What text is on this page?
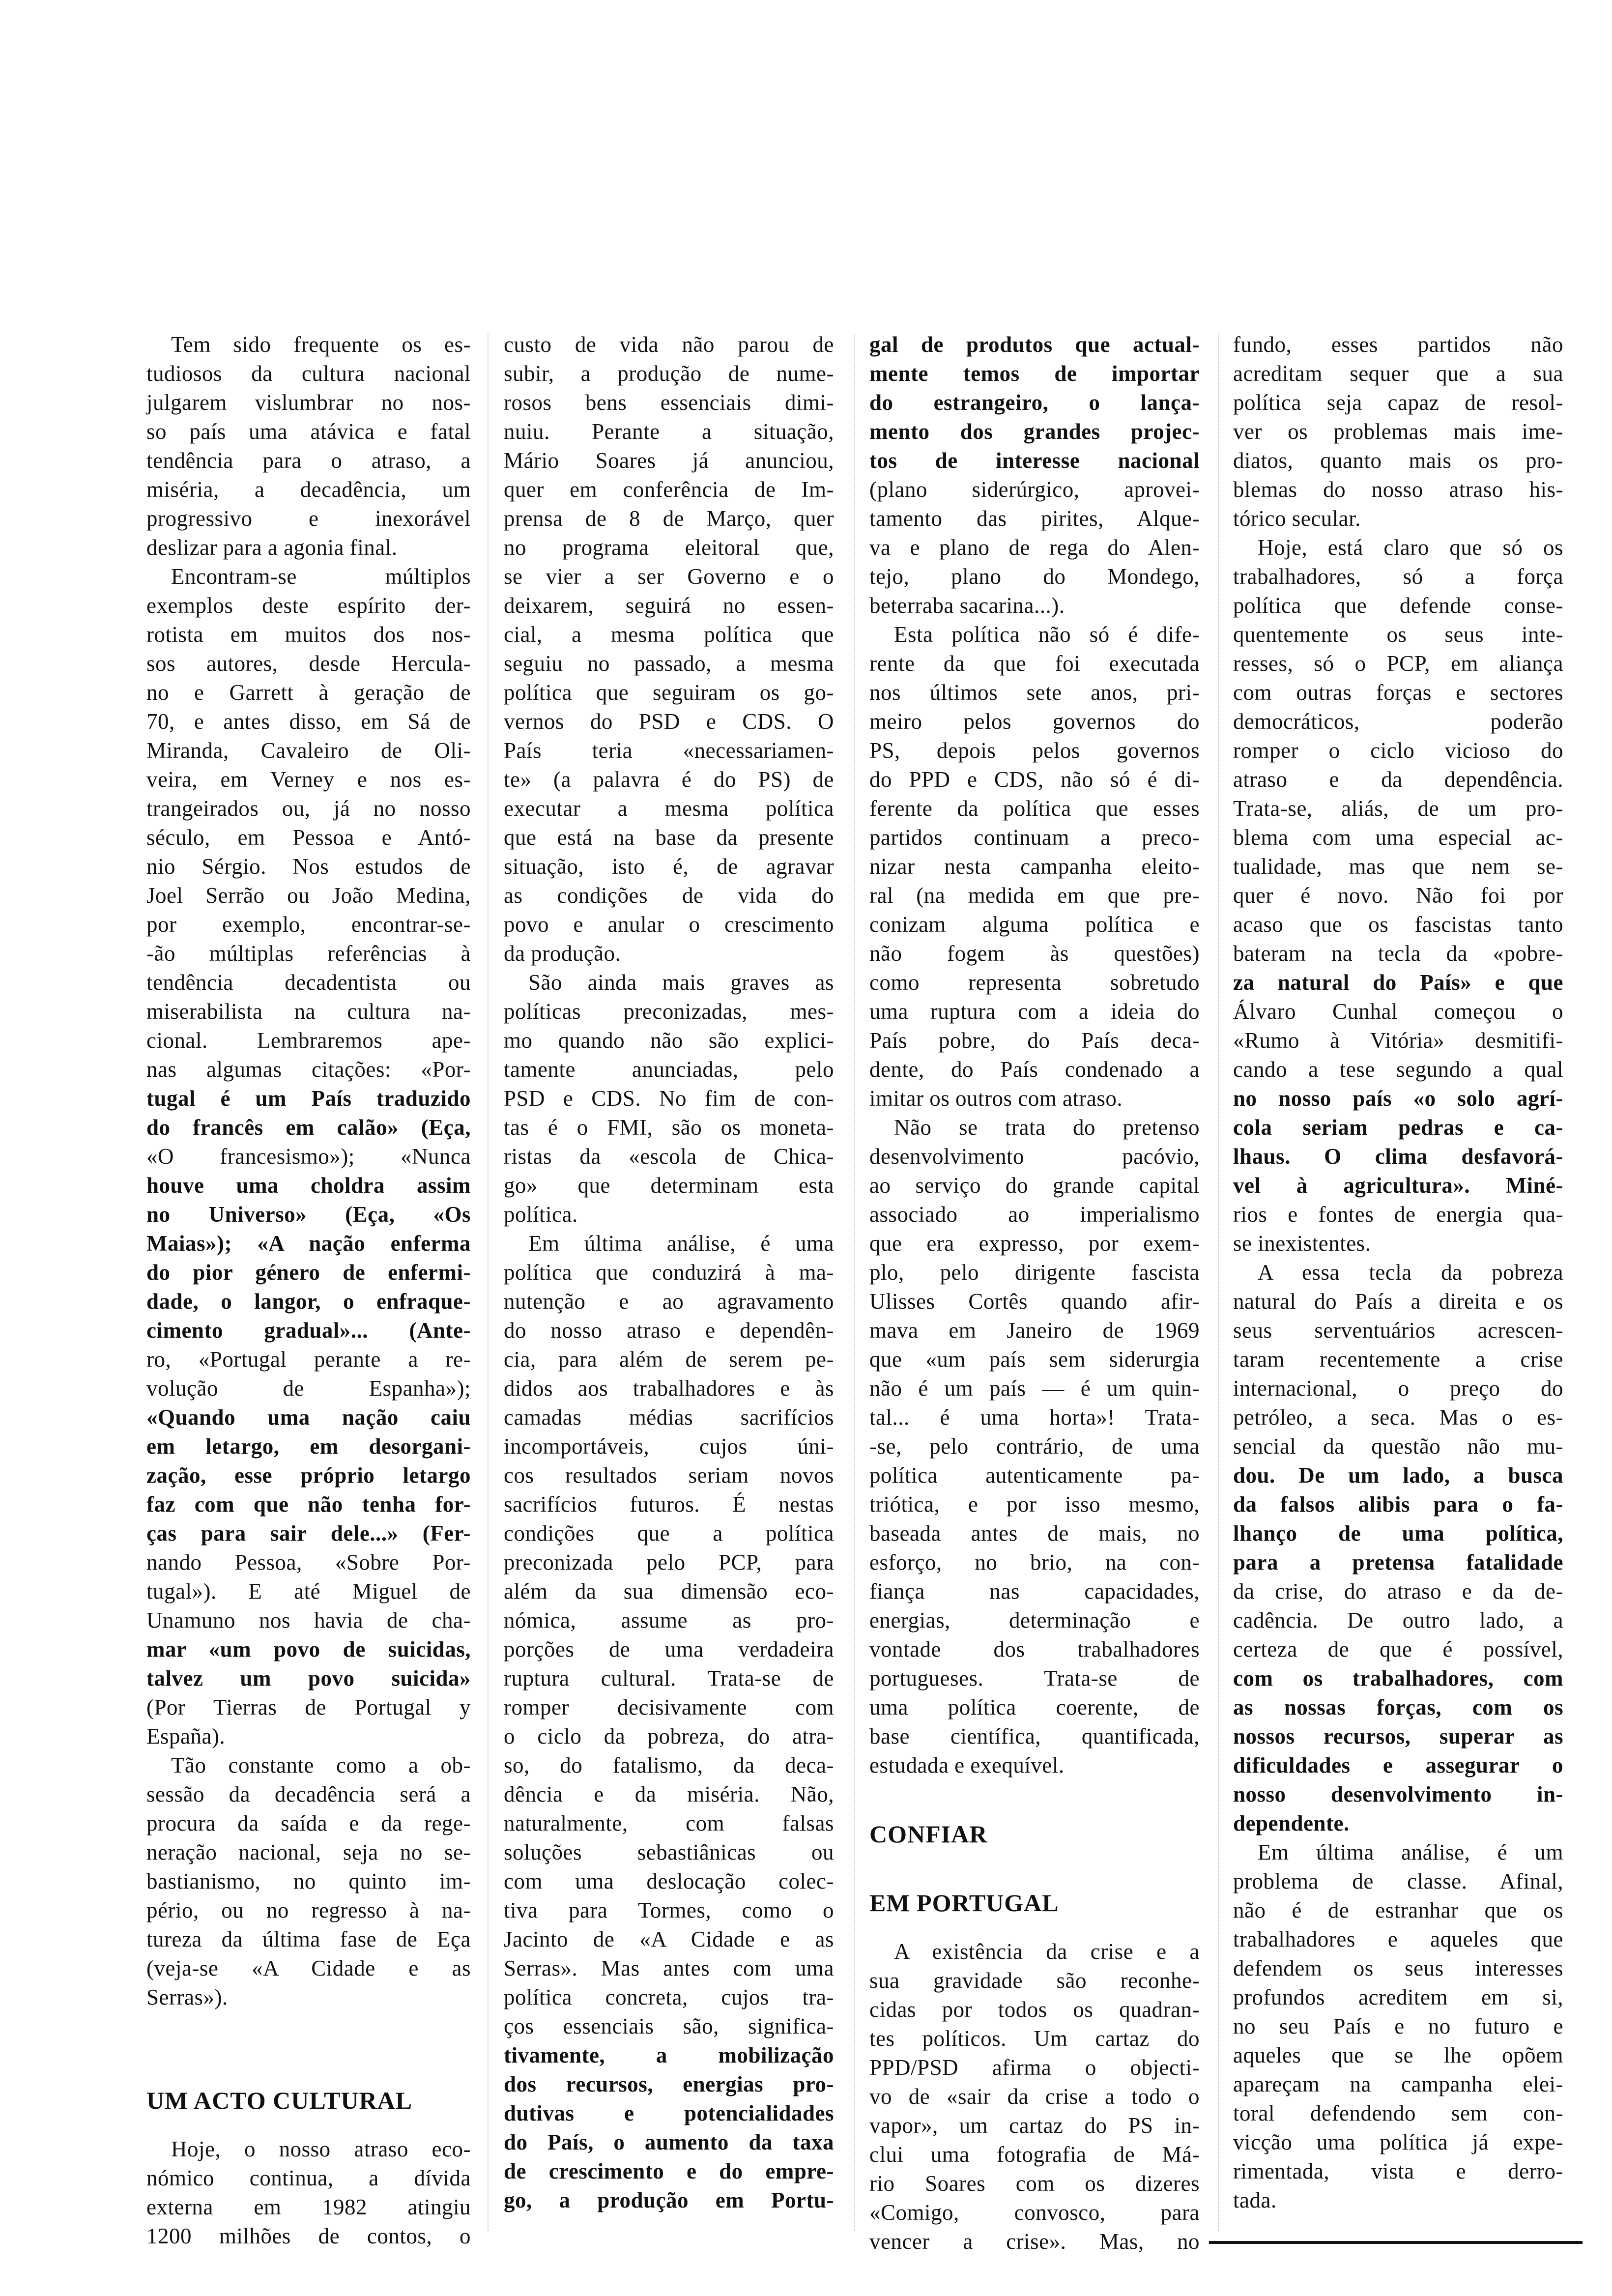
Tem sido frequente os es-
tudiosos da cultura nacional
julgarem vislumbrar no nos-
so país uma atávica e fatal
tendência para o atraso, a
miséria, a decadência, um
progressivo e inexorável
deslizar para a agonia final.
Encontram-se múltiplos
exemplos deste espírito der-
rotista em muitos dos nos-
sos autores, desde Hercula-
no e Garrett à geração de
70, e antes disso, em Sá de
Miranda, Cavaleiro de Oli-
veira, em Verney e nos es-
trangeirados ou, já no nosso
século, em Pessoa e Antó-
nio Sérgio. Nos estudos de
Joel Serrão ou João Medina,
por exemplo, encontrar-se-
-ão múltiplas referências à
tendência decadentista ou
miserabilista na cultura na-
cional. Lembraremos ape-
nas algumas citações: «Por-
tugal é um País traduzido
do francês em calão» (Eça,
«O francesismo»); «Nunca
houve uma choldra assim
no Universo» (Eça, «Os
Maias»); «A nação enferma
do pior género de enfermi-
dade, o langor, o enfraque-
cimento gradual»... (Ante-
ro, «Portugal perante a re-
volução de Espanha»);
«Quando uma nação caiu
em letargo, em desorgani-
zação, esse próprio letargo
faz com que não tenha for-
ças para sair dele...» (Fer-
nando Pessoa, «Sobre Por-
tugal»). E até Miguel de
Unamuno nos havia de cha-
mar «um povo de suicidas,
talvez um povo suicida»
(Por Tierras de Portugal y
España).
Tão constante como a ob-
sessão da decadência será a
procura da saída e da rege-
neração nacional, seja no se-
bastianismo, no quinto im-
pério, ou no regresso à na-
tureza da última fase de Eça
(veja-se «A Cidade e as
Serras»).
UM ACTO CULTURAL
Hoje, o nosso atraso eco-
nómico continua, a dívida
externa em 1982 atingiu
1200 milhões de contos, o
custo de vida não parou de
subir, a produção de nume-
rosos bens essenciais dimi-
nuiu. Perante a situação,
Mário Soares já anunciou,
quer em conferência de Im-
prensa de 8 de Março, quer
no programa eleitoral que,
se vier a ser Governo e o
deixarem, seguirá no essen-
cial, a mesma política que
seguiu no passado, a mesma
política que seguiram os go-
vernos do PSD e CDS. O
País teria «necessariamen-
te» (a palavra é do PS) de
executar a mesma política
que está na base da presente
situação, isto é, de agravar
as condições de vida do
povo e anular o crescimento
da produção.
São ainda mais graves as
políticas preconizadas, mes-
mo quando não são explici-
tamente anunciadas, pelo
PSD e CDS. No fim de con-
tas é o FMI, são os moneta-
ristas da «escola de Chica-
go» que determinam esta
política.
Em última análise, é uma
política que conduzirá à ma-
nutenção e ao agravamento
do nosso atraso e dependên-
cia, para além de serem pe-
didos aos trabalhadores e às
camadas médias sacrifícios
incomportáveis, cujos úni-
cos resultados seriam novos
sacrifícios futuros. É nestas
condições que a política
preconizada pelo PCP, para
além da sua dimensão eco-
nómica, assume as pro-
porções de uma verdadeira
ruptura cultural. Trata-se de
romper decisivamente com
o ciclo da pobreza, do atra-
so, do fatalismo, da deca-
dência e da miséria. Não,
naturalmente, com falsas
soluções sebastiânicas ou
com uma deslocação colec-
tiva para Tormes, como o
Jacinto de «A Cidade e as
Serras». Mas antes com uma
política concreta, cujos tra-
ços essenciais são, significa-
tivamente, a mobilização
dos recursos, energias pro-
dutivas e potencialidades
do País, o aumento da taxa
de crescimento e do empre-
go, a produção em Portu-
gal de produtos que actual-
mente temos de importar
do estrangeiro, o lança-
mento dos grandes projec-
tos de interesse nacional
(plano siderúrgico, aprovei-
tamento das pirites, Alque-
va e plano de rega do Alen-
tejo, plano do Mondego,
beterraba sacarina...).
Esta política não só é dife-
rente da que foi executada
nos últimos sete anos, pri-
meiro pelos governos do
PS, depois pelos governos
do PPD e CDS, não só é di-
ferente da política que esses
partidos continuam a preco-
nizar nesta campanha eleito-
ral (na medida em que pre-
conizam alguma política e
não fogem às questões)
como representa sobretudo
uma ruptura com a ideia do
País pobre, do País deca-
dente, do País condenado a
imitar os outros com atraso.
Não se trata do pretenso
desenvolvimento pacóvio,
ao serviço do grande capital
associado ao imperialismo
que era expresso, por exem-
plo, pelo dirigente fascista
Ulisses Cortês quando afir-
mava em Janeiro de 1969
que «um país sem siderurgia
não é um país — é um quin-
tal... é uma horta»! Trata-
-se, pelo contrário, de uma
política autenticamente pa-
triótica, e por isso mesmo,
baseada antes de mais, no
esforço, no brio, na con-
fiança nas capacidades,
energias, determinação e
vontade dos trabalhadores
portugueses. Trata-se de
uma política coerente, de
base científica, quantificada,
estudada e exequível.
CONFIAR
EM PORTUGAL
A existência da crise e a
sua gravidade são reconhe-
cidas por todos os quadran-
tes políticos. Um cartaz do
PPD/PSD afirma o objecti-
vo de «sair da crise a todo o
vapor», um cartaz do PS in-
clui uma fotografia de Má-
rio Soares com os dizeres
«Comigo, convosco, para
vencer a crise». Mas, no
fundo, esses partidos não
acreditam sequer que a sua
política seja capaz de resol-
ver os problemas mais ime-
diatos, quanto mais os pro-
blemas do nosso atraso his-
tórico secular.
Hoje, está claro que só os
trabalhadores, só a força
política que defende conse-
quentemente os seus inte-
resses, só o PCP, em aliança
com outras forças e sectores
democráticos, poderão
romper o ciclo vicioso do
atraso e da dependência.
Trata-se, aliás, de um pro-
blema com uma especial ac-
tualidade, mas que nem se-
quer é novo. Não foi por
acaso que os fascistas tanto
bateram na tecla da «pobre-
za natural do País» e que
Álvaro Cunhal começou o
«Rumo à Vitória» desmitifi-
cando a tese segundo a qual
no nosso país «o solo agrí-
cola seriam pedras e ca-
lhaus. O clima desfavorá-
vel à agricultura». Miné-
rios e fontes de energia qua-
se inexistentes.
A essa tecla da pobreza
natural do País a direita e os
seus serventuários acrescen-
taram recentemente a crise
internacional, o preço do
petróleo, a seca. Mas o es-
sencial da questão não mu-
dou. De um lado, a busca
da falsos alibis para o fa-
lhanço de uma política,
para a pretensa fatalidade
da crise, do atraso e da de-
cadência. De outro lado, a
certeza de que é possível,
com os trabalhadores, com
as nossas forças, com os
nossos recursos, superar as
dificuldades e assegurar o
nosso desenvolvimento in-
dependente.
Em última análise, é um
problema de classe. Afinal,
não é de estranhar que os
trabalhadores e aqueles que
defendem os seus interesses
profundos acreditem em si,
no seu País e no futuro e
aqueles que se lhe opõem
apareçam na campanha elei-
toral defendendo sem con-
vicção uma política já expe-
rimentada, vista e derro-
tada.
